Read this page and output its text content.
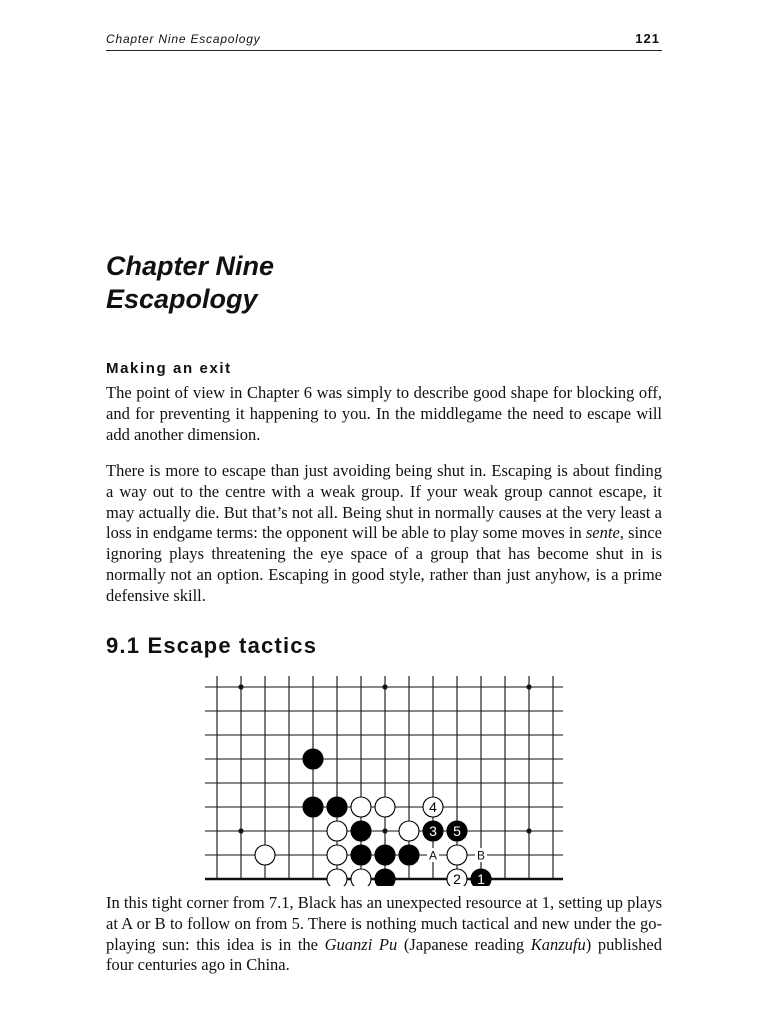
Chapter Nine Escapology	121
Chapter Nine
Escapology
Making an exit

The point of view in Chapter 6 was simply to describe good shape for blocking off, and for preventing it happening to you. In the middlegame the need to escape will add another dimension.

There is more to escape than just avoiding being shut in. Escaping is about finding a way out to the centre with a weak group. If your weak group cannot escape, it may actually die. But that’s not all. Being shut in normally causes at the very least a loss in endgame terms: the opponent will be able to play some moves in sente, since ignoring plays threatening the eye space of a group that has become shut in is normally not an option. Escaping in good style, rather than just anyhow, is a prime defensive skill.

9.1 Escape tactics
A	B
4
3 5
2 1

In this tight corner from 7.1, Black has an unexpected resource at 1, setting up plays at A or B to follow on from 5. There is nothing much tactical and new under the go-playing sun: this idea is in the Guanzi Pu (Japanese reading Kanzufu) published four centuries ago in China.
